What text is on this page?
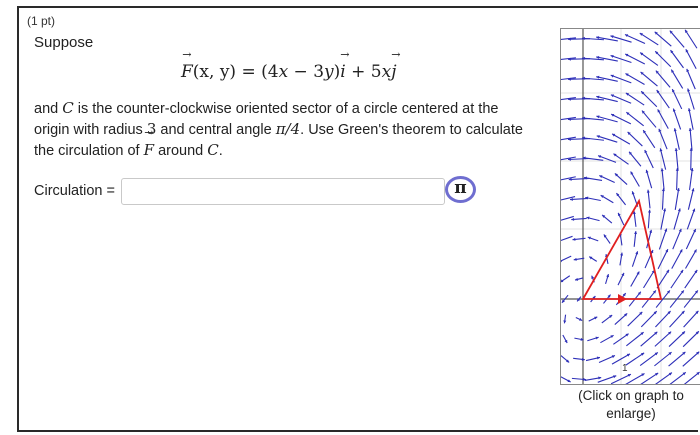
(1 pt)
Suppose
→ F(x, y) = (4x − 3y)→ i + 5x→ j
and C is the counter-clockwise oriented sector of a circle centered at the
origin with radius 3 and central angle π/4. Use Green's theorem to calculate
the circulation of → F around C.
Circulation =	π
1
(Click on graph to
enlarge)
